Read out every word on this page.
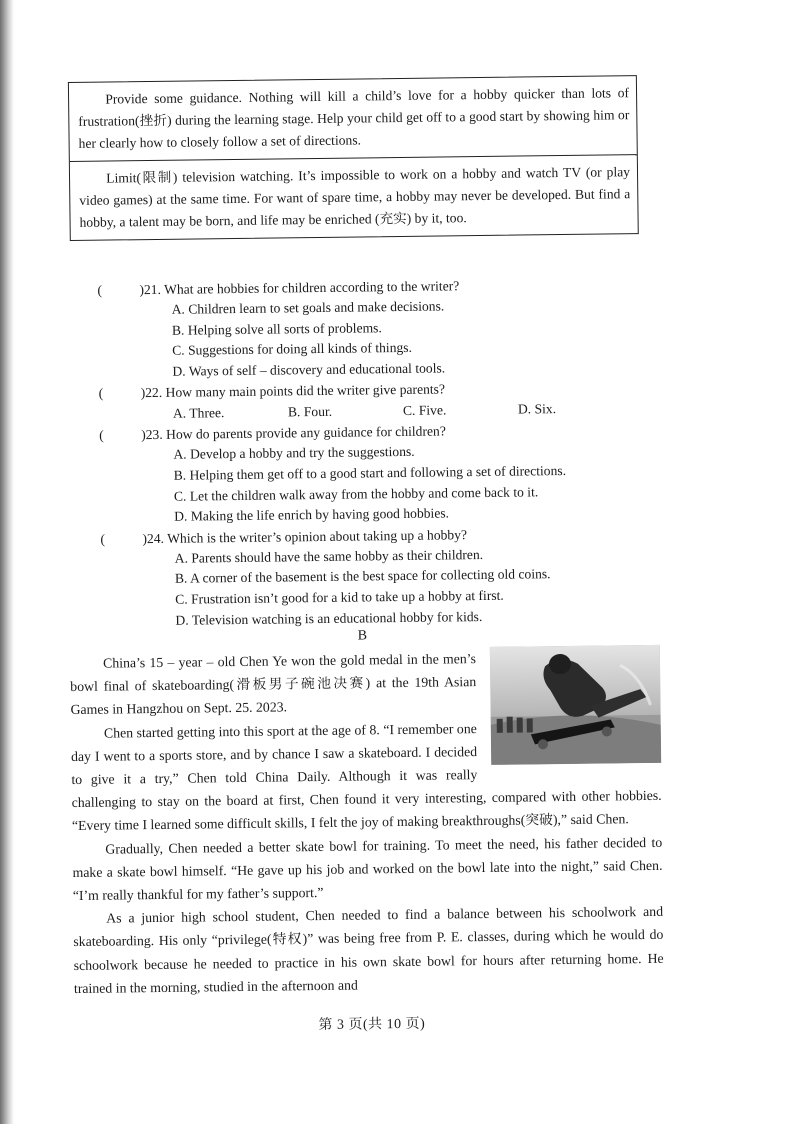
Provide some guidance. Nothing will kill a child’s love for a hobby quicker than lots of frustration(挫折) during the learning stage. Help your child get off to a good start by showing him or her clearly how to closely follow a set of directions.

Limit(限制) television watching. It’s impossible to work on a hobby and watch TV (or play video games) at the same time. For want of spare time, a hobby may never be developed. But find a hobby, a talent may be born, and life may be enriched (充实) by it, too.

(	)21. What are hobbies for children according to the writer?
A. Children learn to set goals and make decisions.
B. Helping solve all sorts of problems.
C. Suggestions for doing all kinds of things.
D. Ways of self – discovery and educational tools.
(	)22. How many main points did the writer give parents?
A. Three.	B. Four.	C. Five.	D. Six.
(	)23. How do parents provide any guidance for children?
A. Develop a hobby and try the suggestions.
B. Helping them get off to a good start and following a set of directions.
C. Let the children walk away from the hobby and come back to it.
D. Making the life enrich by having good hobbies.
(	)24. Which is the writer’s opinion about taking up a hobby?
A. Parents should have the same hobby as their children.
B. A corner of the basement is the best space for collecting old coins.
C. Frustration isn’t good for a kid to take up a hobby at first.
D. Television watching is an educational hobby for kids.
B

China’s 15 – year – old Chen Ye won the gold medal in the men’s bowl final of skateboarding(滑板男子碗池决赛) at the 19th Asian Games in Hangzhou on Sept. 25. 2023.

Chen started getting into this sport at the age of 8. “I remember one day I went to a sports store, and by chance I saw a skateboard. I decided to give it a try,” Chen told China Daily. Although it was really challenging to stay on the board at first, Chen found it very interesting, compared with other hobbies. “Every time I learned some difficult skills, I felt the joy of making breakthroughs(突破),” said Chen.

Gradually, Chen needed a better skate bowl for training. To meet the need, his father decided to make a skate bowl himself. “He gave up his job and worked on the bowl late into the night,” said Chen. “I’m really thankful for my father’s support.”

As a junior high school student, Chen needed to find a balance between his schoolwork and skateboarding. His only “privilege(特权)” was being free from P. E. classes, during which he would do schoolwork because he needed to practice in his own skate bowl for hours after returning home. He trained in the morning, studied in the afternoon and

第 3 页(共 10 页)
